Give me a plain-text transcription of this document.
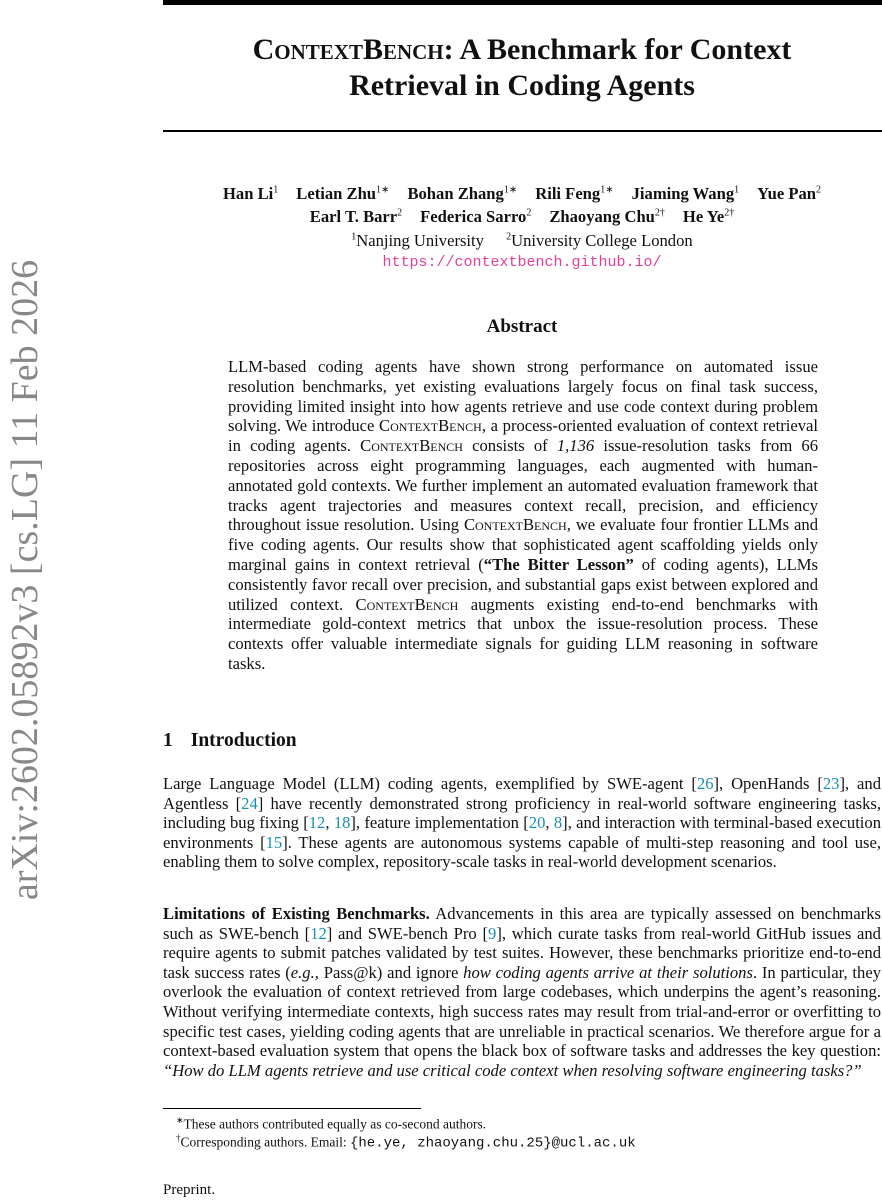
arXiv:2602.05892v3 [cs.LG] 11 Feb 2026
ContextBench: A Benchmark for Context
Retrieval in Coding Agents
Han Li$^1$ Letian Zhu$^{1∗}$ Bohan Zhang$^{1∗}$ Rili Feng$^{1∗}$ Jiaming Wang$^1$ Yue Pan$^2$
Earl T. Barr$^2$ Federica Sarro$^2$ Zhaoyang Chu$^{2\dagger}$ He $Ye^{2\dagger}$
$^1$Nanjing University $^2$University College London
https://contextbench.github.io/
Abstract
LLM-based coding agents have shown strong performance on automated issue resolution benchmarks, yet existing evaluations largely focus on final task success, providing limited insight into how agents retrieve and use code context during problem solving. We introduce ContextBench, a process-oriented evaluation of context retrieval in coding agents. ContextBench consists of 1,136 issue-resolution tasks from 66 repositories across eight programming languages, each augmented with human-annotated gold contexts. We further implement an automated evaluation framework that tracks agent trajectories and measures context recall, precision, and efficiency throughout issue resolution. Using ContextBench, we evaluate four frontier LLMs and five coding agents. Our results show that sophisticated agent scaffolding yields only marginal gains in context retrieval (“The Bitter Lesson” of coding agents), LLMs consistently favor recall over precision, and substantial gaps exist between explored and utilized context. ContextBench augments existing end-to-end benchmarks with intermediate gold-context metrics that unbox the issue-resolution process. These contexts offer valuable intermediate signals for guiding LLM reasoning in software tasks.
1 Introduction
Large Language Model (LLM) coding agents, exemplified by SWE-agent [26], OpenHands [23], and Agentless [24] have recently demonstrated strong proficiency in real-world software engineering tasks, including bug fixing [12, 18], feature implementation [20, 8], and interaction with terminal-based execution environments [15]. These agents are autonomous systems capable of multi-step reasoning and tool use, enabling them to solve complex, repository-scale tasks in real-world development scenarios.
Limitations of Existing Benchmarks. Advancements in this area are typically assessed on benchmarks such as SWE-bench [12] and SWE-bench Pro [9], which curate tasks from real-world GitHub issues and require agents to submit patches validated by test suites. However, these benchmarks prioritize end-to-end task success rates (e.g., Pass@k) and ignore how coding agents arrive at their solutions. In particular, they overlook the evaluation of context retrieved from large codebases, which underpins the agent’s reasoning. Without verifying intermediate contexts, high success rates may result from trial-and-error or overfitting to specific test cases, yielding coding agents that are unreliable in practical scenarios. We therefore argue for a context-based evaluation system that opens the black box of software tasks and addresses the key question: “How do LLM agents retrieve and use critical code context when resolving software engineering tasks?”
∗These authors contributed equally as co-second authors.
†Corresponding authors. Email: {he.ye, zhaoyang.chu.25}@ucl.ac.uk
Preprint.
